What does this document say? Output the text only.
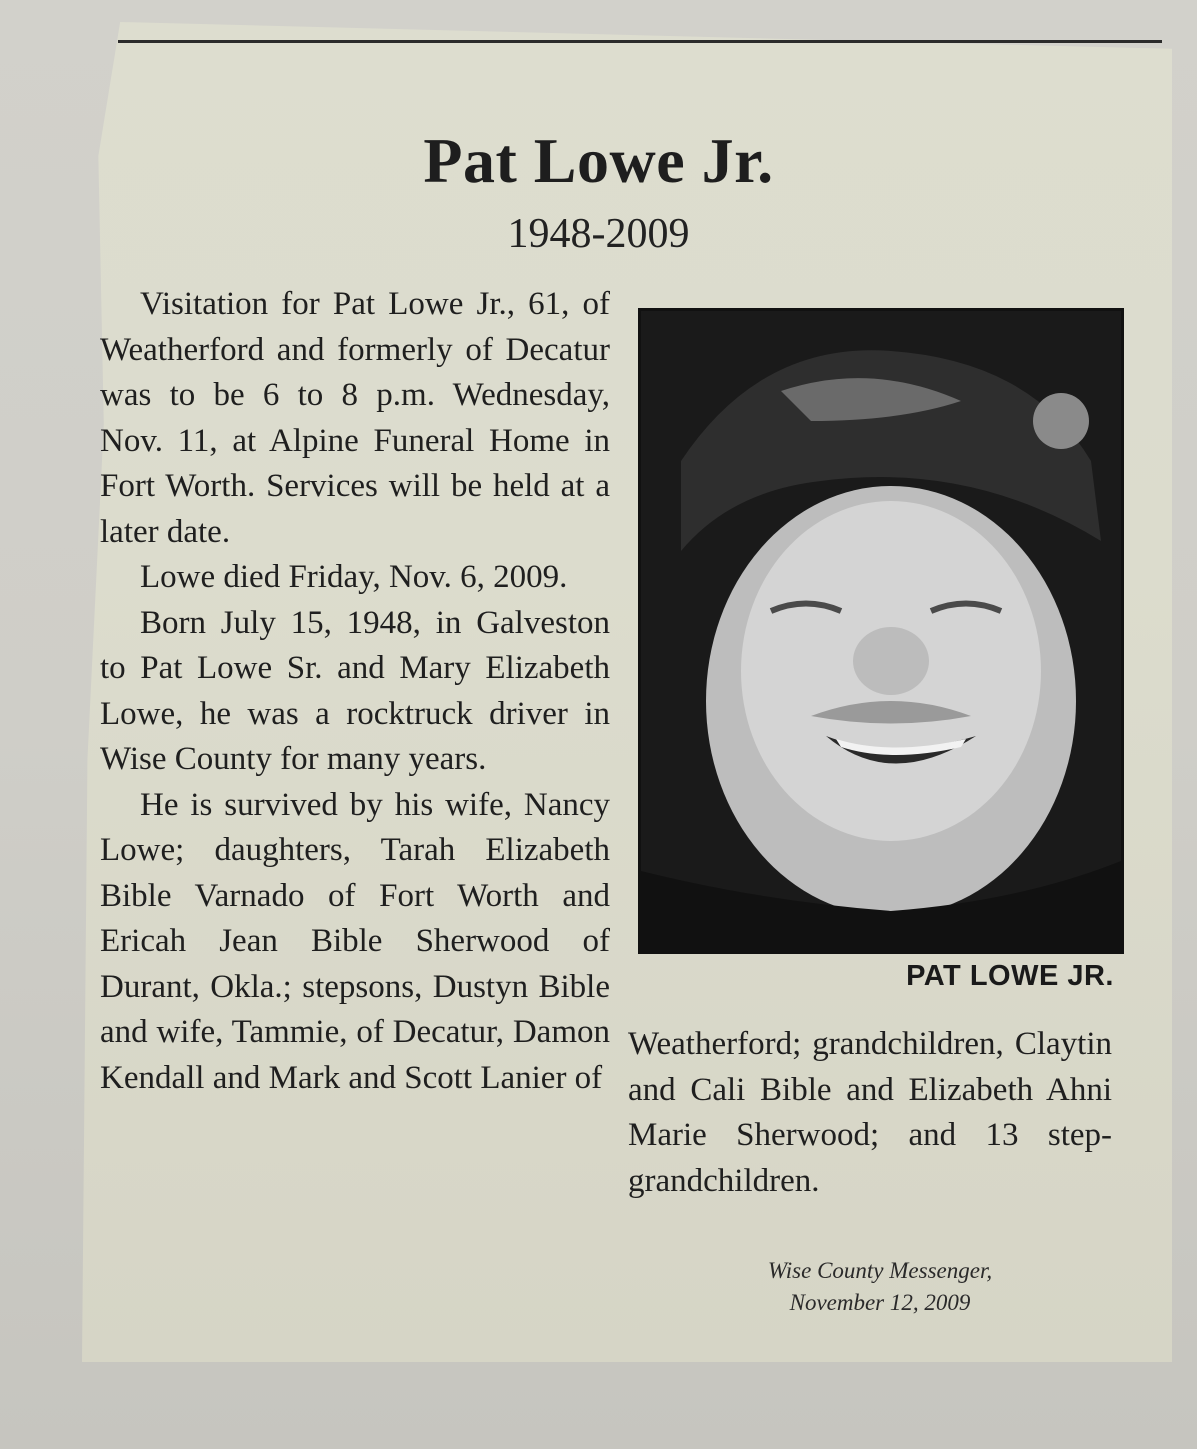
Pat Lowe Jr.
1948-2009

Visitation for Pat Lowe Jr., 61, of Weatherford and formerly of Decatur was to be 6 to 8 p.m. Wednesday, Nov. 11, at Alpine Funeral Home in Fort Worth. Services will be held at a later date.

Lowe died Friday, Nov. 6, 2009.

Born July 15, 1948, in Galveston to Pat Lowe Sr. and Mary Elizabeth Lowe, he was a rocktruck driver in Wise County for many years.

He is survived by his wife, Nancy Lowe; daughters, Tarah Elizabeth Bible Varnado of Fort Worth and Ericah Jean Bible Sherwood of Durant, Okla.; stepsons, Dustyn Bible and wife, Tammie, of Decatur, Damon Kendall and Mark and Scott Lanier of

PAT LOWE JR.

Weatherford; grandchildren, Claytin and Cali Bible and Elizabeth Ahni Marie Sherwood; and 13 step-grandchildren.

Wise County Messenger,
November 12, 2009
